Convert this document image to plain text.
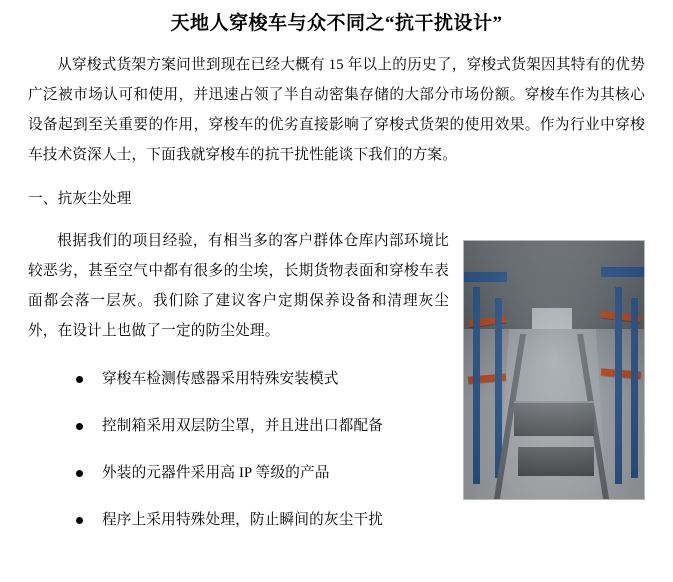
天地人穿梭车与众不同之“抗干扰设计”

从穿梭式货架方案问世到现在已经大概有 15 年以上的历史了，穿梭式货架因其特有的优势广泛被市场认可和使用，并迅速占领了半自动密集存储的大部分市场份额。穿梭车作为其核心设备起到至关重要的作用，穿梭车的优劣直接影响了穿梭式货架的使用效果。作为行业中穿梭车技术资深人士，下面我就穿梭车的抗干扰性能谈下我们的方案。

一、抗灰尘处理

根据我们的项目经验，有相当多的客户群体仓库内部环境比较恶劣，甚至空气中都有很多的尘埃，长期货物表面和穿梭车表面都会落一层灰。我们除了建议客户定期保养设备和清理灰尘外，在设计上也做了一定的防尘处理。

穿梭车检测传感器采用特殊安装模式
控制箱采用双层防尘罩，并且进出口都配备
外装的元器件采用高 IP 等级的产品
程序上采用特殊处理，防止瞬间的灰尘干扰
